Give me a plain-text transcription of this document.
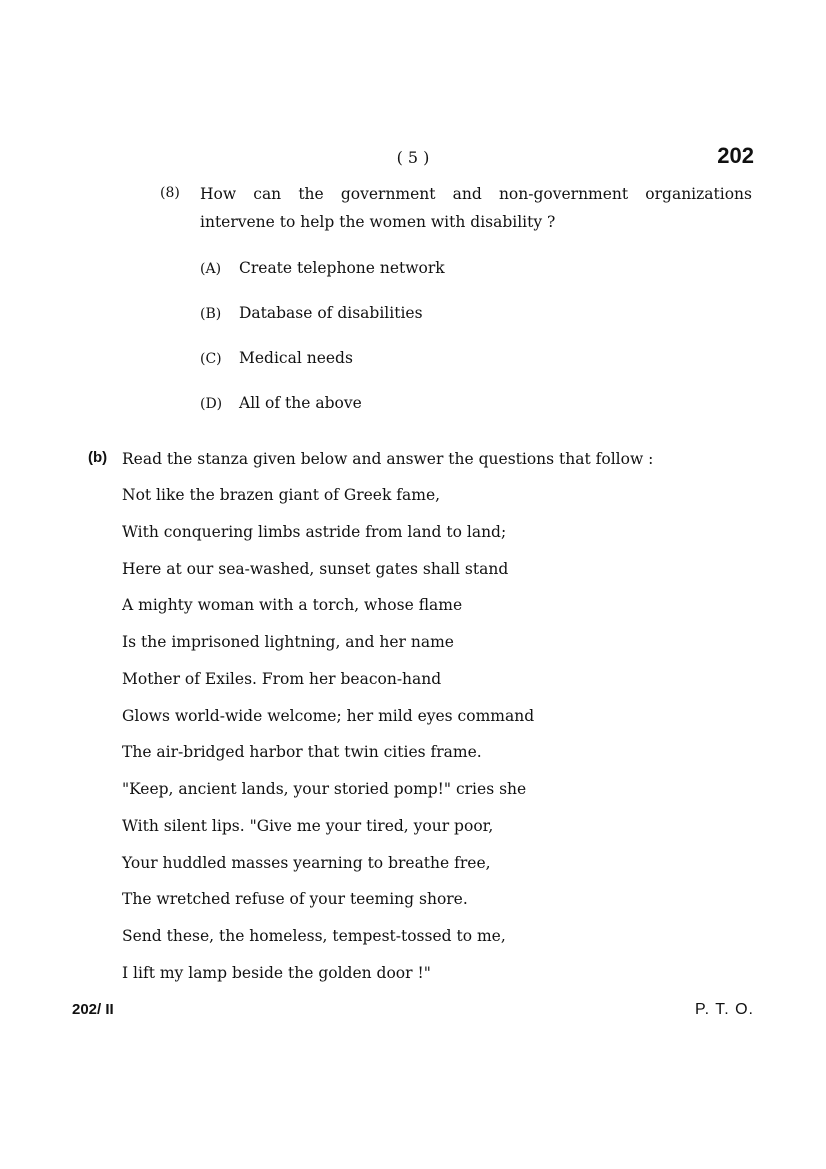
( 5 )	202
(8) How can the government and non-government organizations intervene to help the women with disability ?
(A) Create telephone network
(B) Database of disabilities
(C) Medical needs
(D) All of the above
(b) Read the stanza given below and answer the questions that follow :
Not like the brazen giant of Greek fame,
With conquering limbs astride from land to land;
Here at our sea-washed, sunset gates shall stand
A mighty woman with a torch, whose flame
Is the imprisoned lightning, and her name
Mother of Exiles. From her beacon-hand
Glows world-wide welcome; her mild eyes command
The air-bridged harbor that twin cities frame.
"Keep, ancient lands, your storied pomp!" cries she
With silent lips. "Give me your tired, your poor,
Your huddled masses yearning to breathe free,
The wretched refuse of your teeming shore.
Send these, the homeless, tempest-tossed to me,
I lift my lamp beside the golden door !"
202/ II	P. T. O.
